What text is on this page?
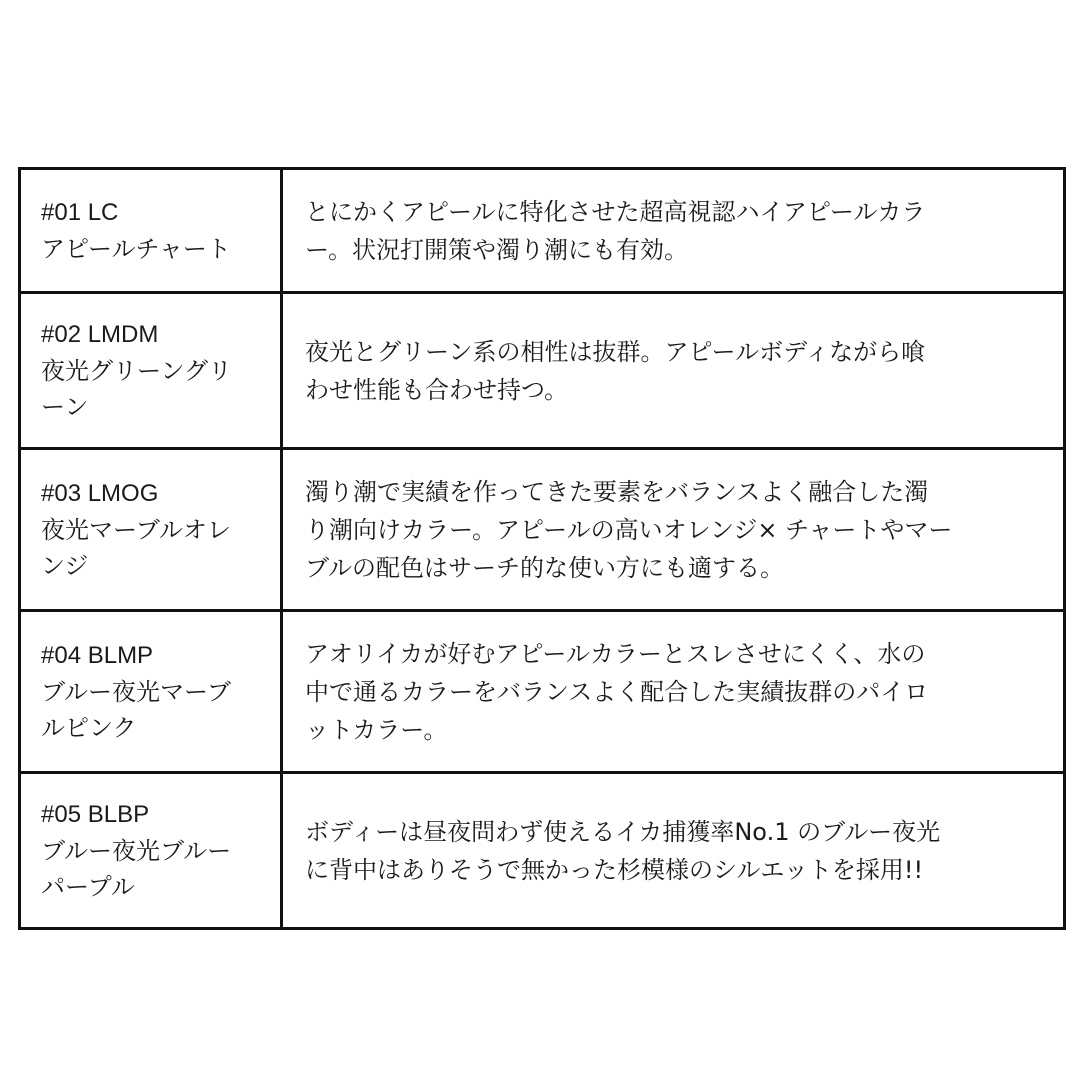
#01 LC
アピールチャート	とにかくアピールに特化させた超高視認ハイアピールカラ
ー。状況打開策や濁り潮にも有効。

#02 LMDM
夜光グリーングリ
ーン	夜光とグリーン系の相性は抜群。アピールボディながら喰
わせ性能も合わせ持つ。

#03 LMOG
夜光マーブルオレ
ンジ	濁り潮で実績を作ってきた要素をバランスよく融合した濁
り潮向けカラー。アピールの高いオレンジ× チャートやマー
ブルの配色はサーチ的な使い方にも適する。

#04 BLMP
ブルー夜光マーブ
ルピンク	アオリイカが好むアピールカラーとスレさせにくく、水の
中で通るカラーをバランスよく配合した実績抜群のパイロ
ットカラー。

#05 BLBP
ブルー夜光ブルー
パープル	ボディーは昼夜問わず使えるイカ捕獲率No.1 のブルー夜光
に背中はありそうで無かった杉模様のシルエットを採用!!
